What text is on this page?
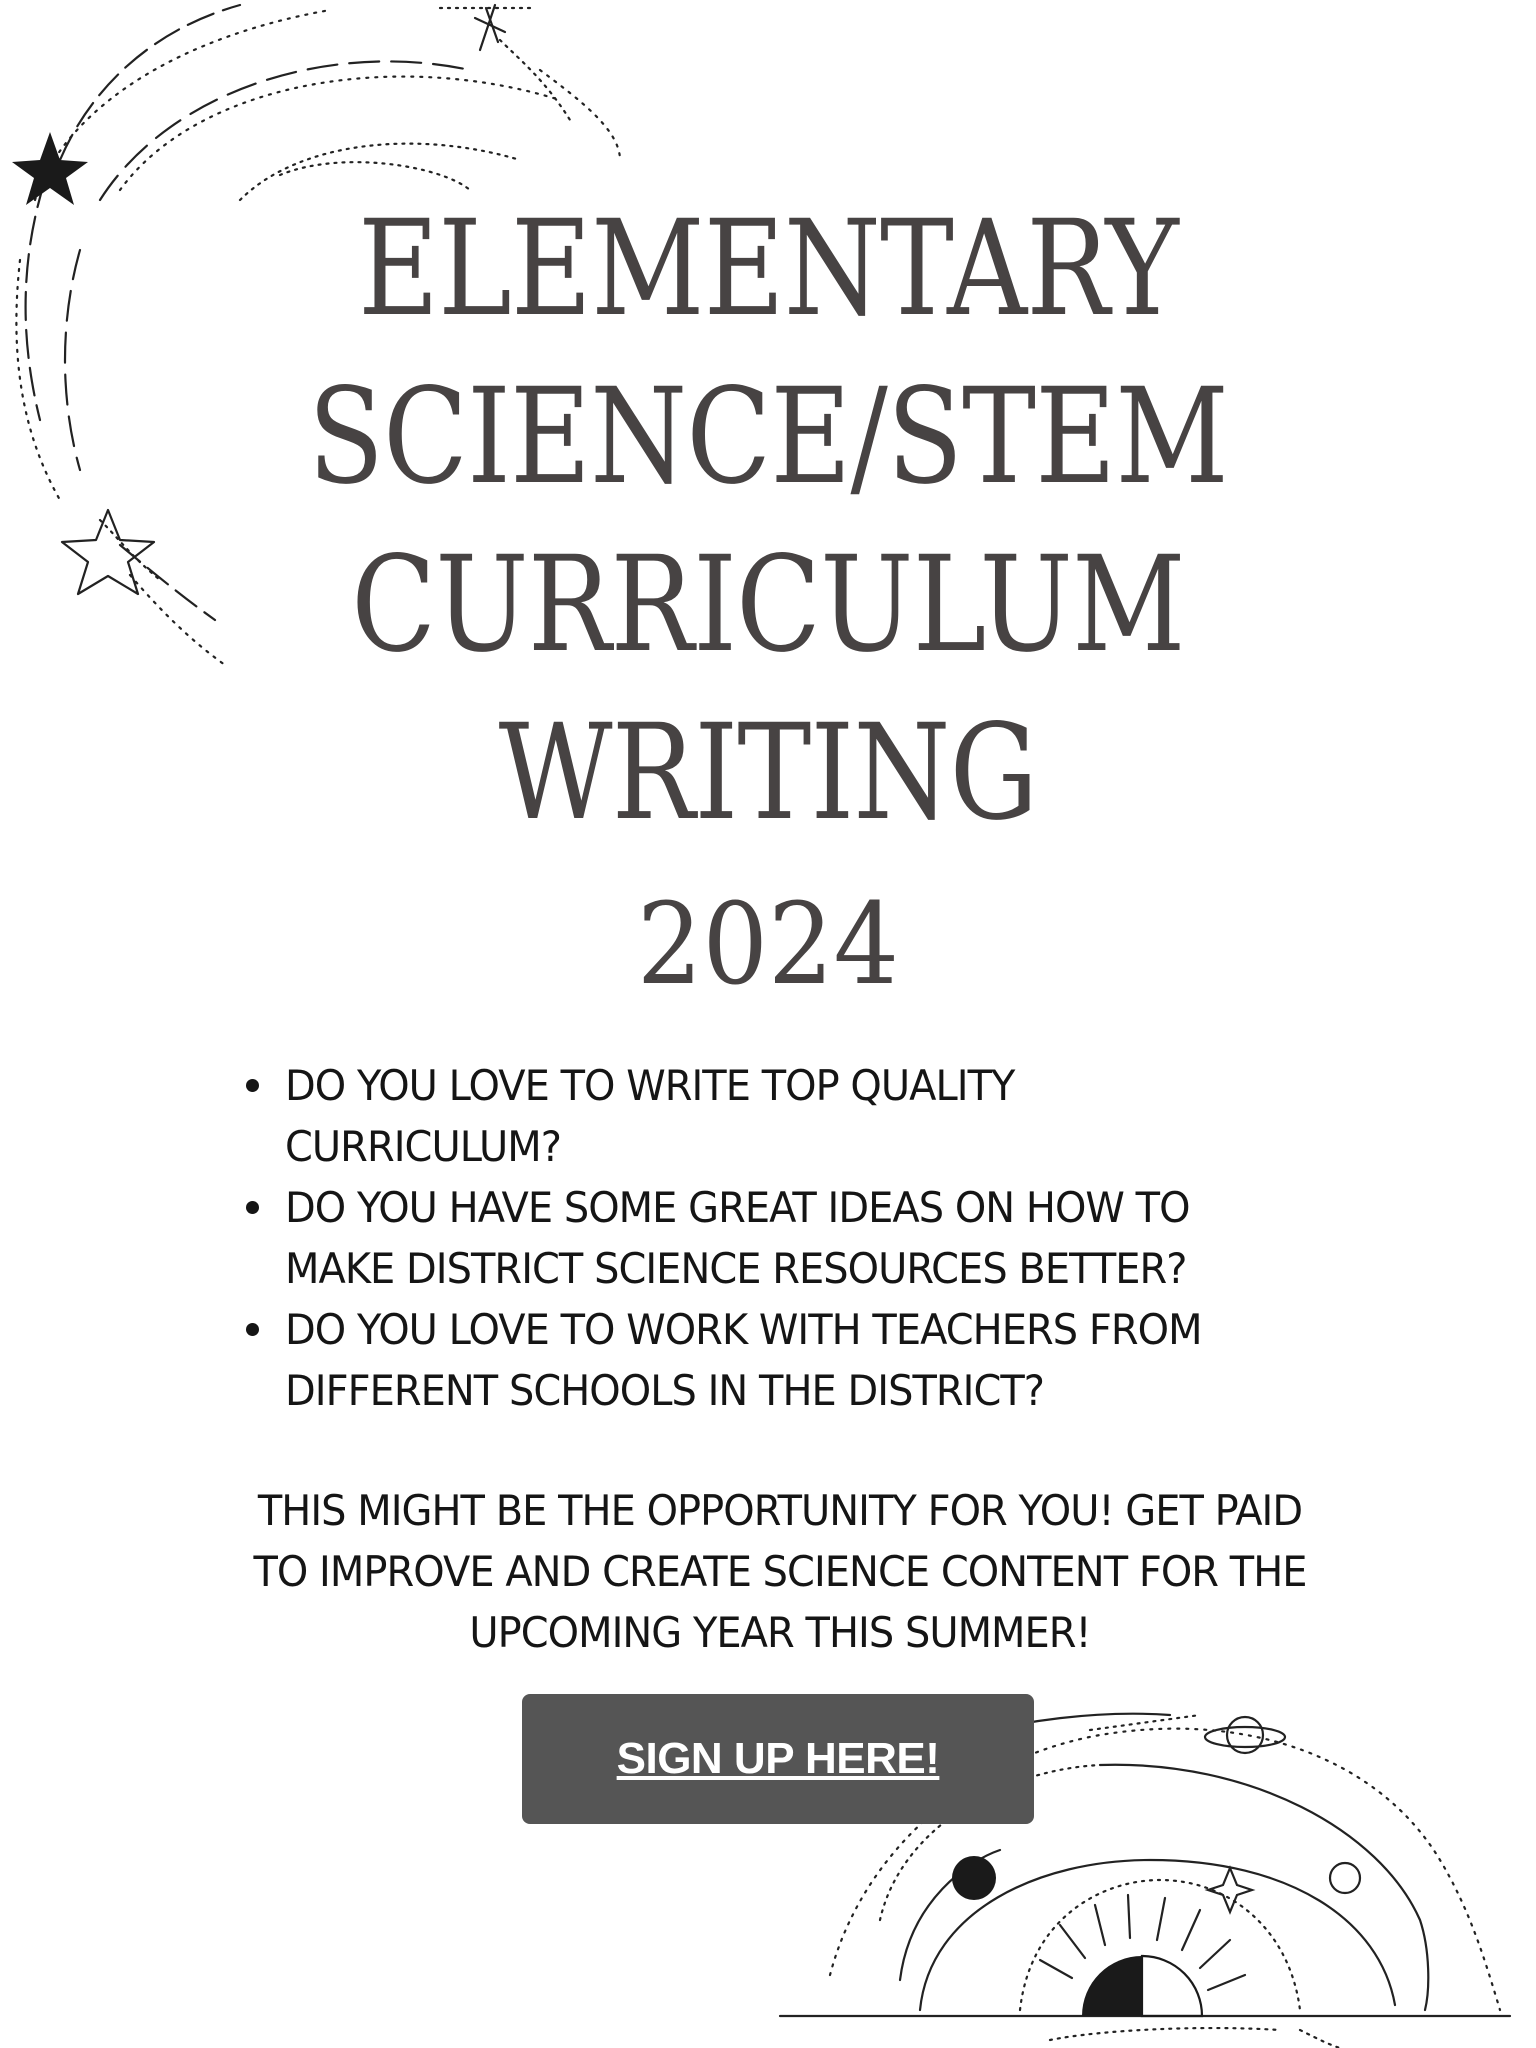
ELEMENTARY
SCIENCE/STEM
CURRICULUM
WRITING
2024
DO YOU LOVE TO WRITE TOP QUALITY
CURRICULUM?
DO YOU HAVE SOME GREAT IDEAS ON HOW TO
MAKE DISTRICT SCIENCE RESOURCES BETTER?
DO YOU LOVE TO WORK WITH TEACHERS FROM
DIFFERENT SCHOOLS IN THE DISTRICT?
THIS MIGHT BE THE OPPORTUNITY FOR YOU! GET PAID
TO IMPROVE AND CREATE SCIENCE CONTENT FOR THE
UPCOMING YEAR THIS SUMMER!
SIGN UP HERE!
